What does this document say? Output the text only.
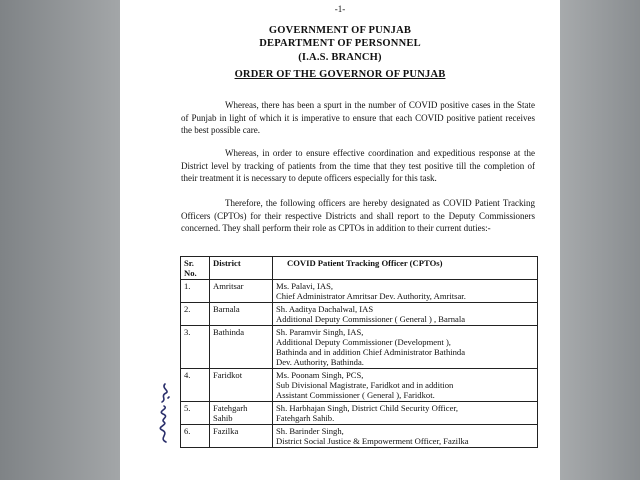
-1-
GOVERNMENT OF PUNJAB
DEPARTMENT OF PERSONNEL
(I.A.S. BRANCH)
ORDER OF THE GOVERNOR OF PUNJAB

Whereas, there has been a spurt in the number of COVID positive cases in the State of Punjab in light of which it is imperative to ensure that each COVID positive patient receives the best possible care.

Whereas, in order to ensure effective coordination and expeditious response at the District level by tracking of patients from the time that they test positive till the completion of their treatment it is necessary to depute officers especially for this task.

Therefore, the following officers are hereby designated as COVID Patient Tracking Officers (CPTOs) for their respective Districts and shall report to the Deputy Commissioners concerned. They shall perform their role as CPTOs in addition to their current duties:-

Sr.
No.	District	COVID Patient Tracking Officer (CPTOs)
1.	Amritsar	Ms. Palavi, IAS,
Chief Administrator Amritsar Dev. Authority, Amritsar.

2.	Barnala	Sh. Aaditya Dachalwal, IAS
Additional Deputy Commissioner ( General ) , Barnala

3.	Bathinda	Sh. Paramvir Singh, IAS,
Additional Deputy Commissioner (Development ),
Bathinda and in addition Chief Administrator Bathinda
Dev. Authority, Bathinda.

4.	Faridkot	Ms. Poonam Singh, PCS,
Sub Divisional Magistrate, Faridkot and in addition
Assistant Commissioner ( General ), Faridkot.

5.	Fatehgarh
Sahib	Sh. Harbhajan Singh, District Child Security Officer,
Fatehgarh Sahib.

6.	Fazilka	Sh. Barinder Singh,
District Social Justice & Empowerment Officer, Fazilka
